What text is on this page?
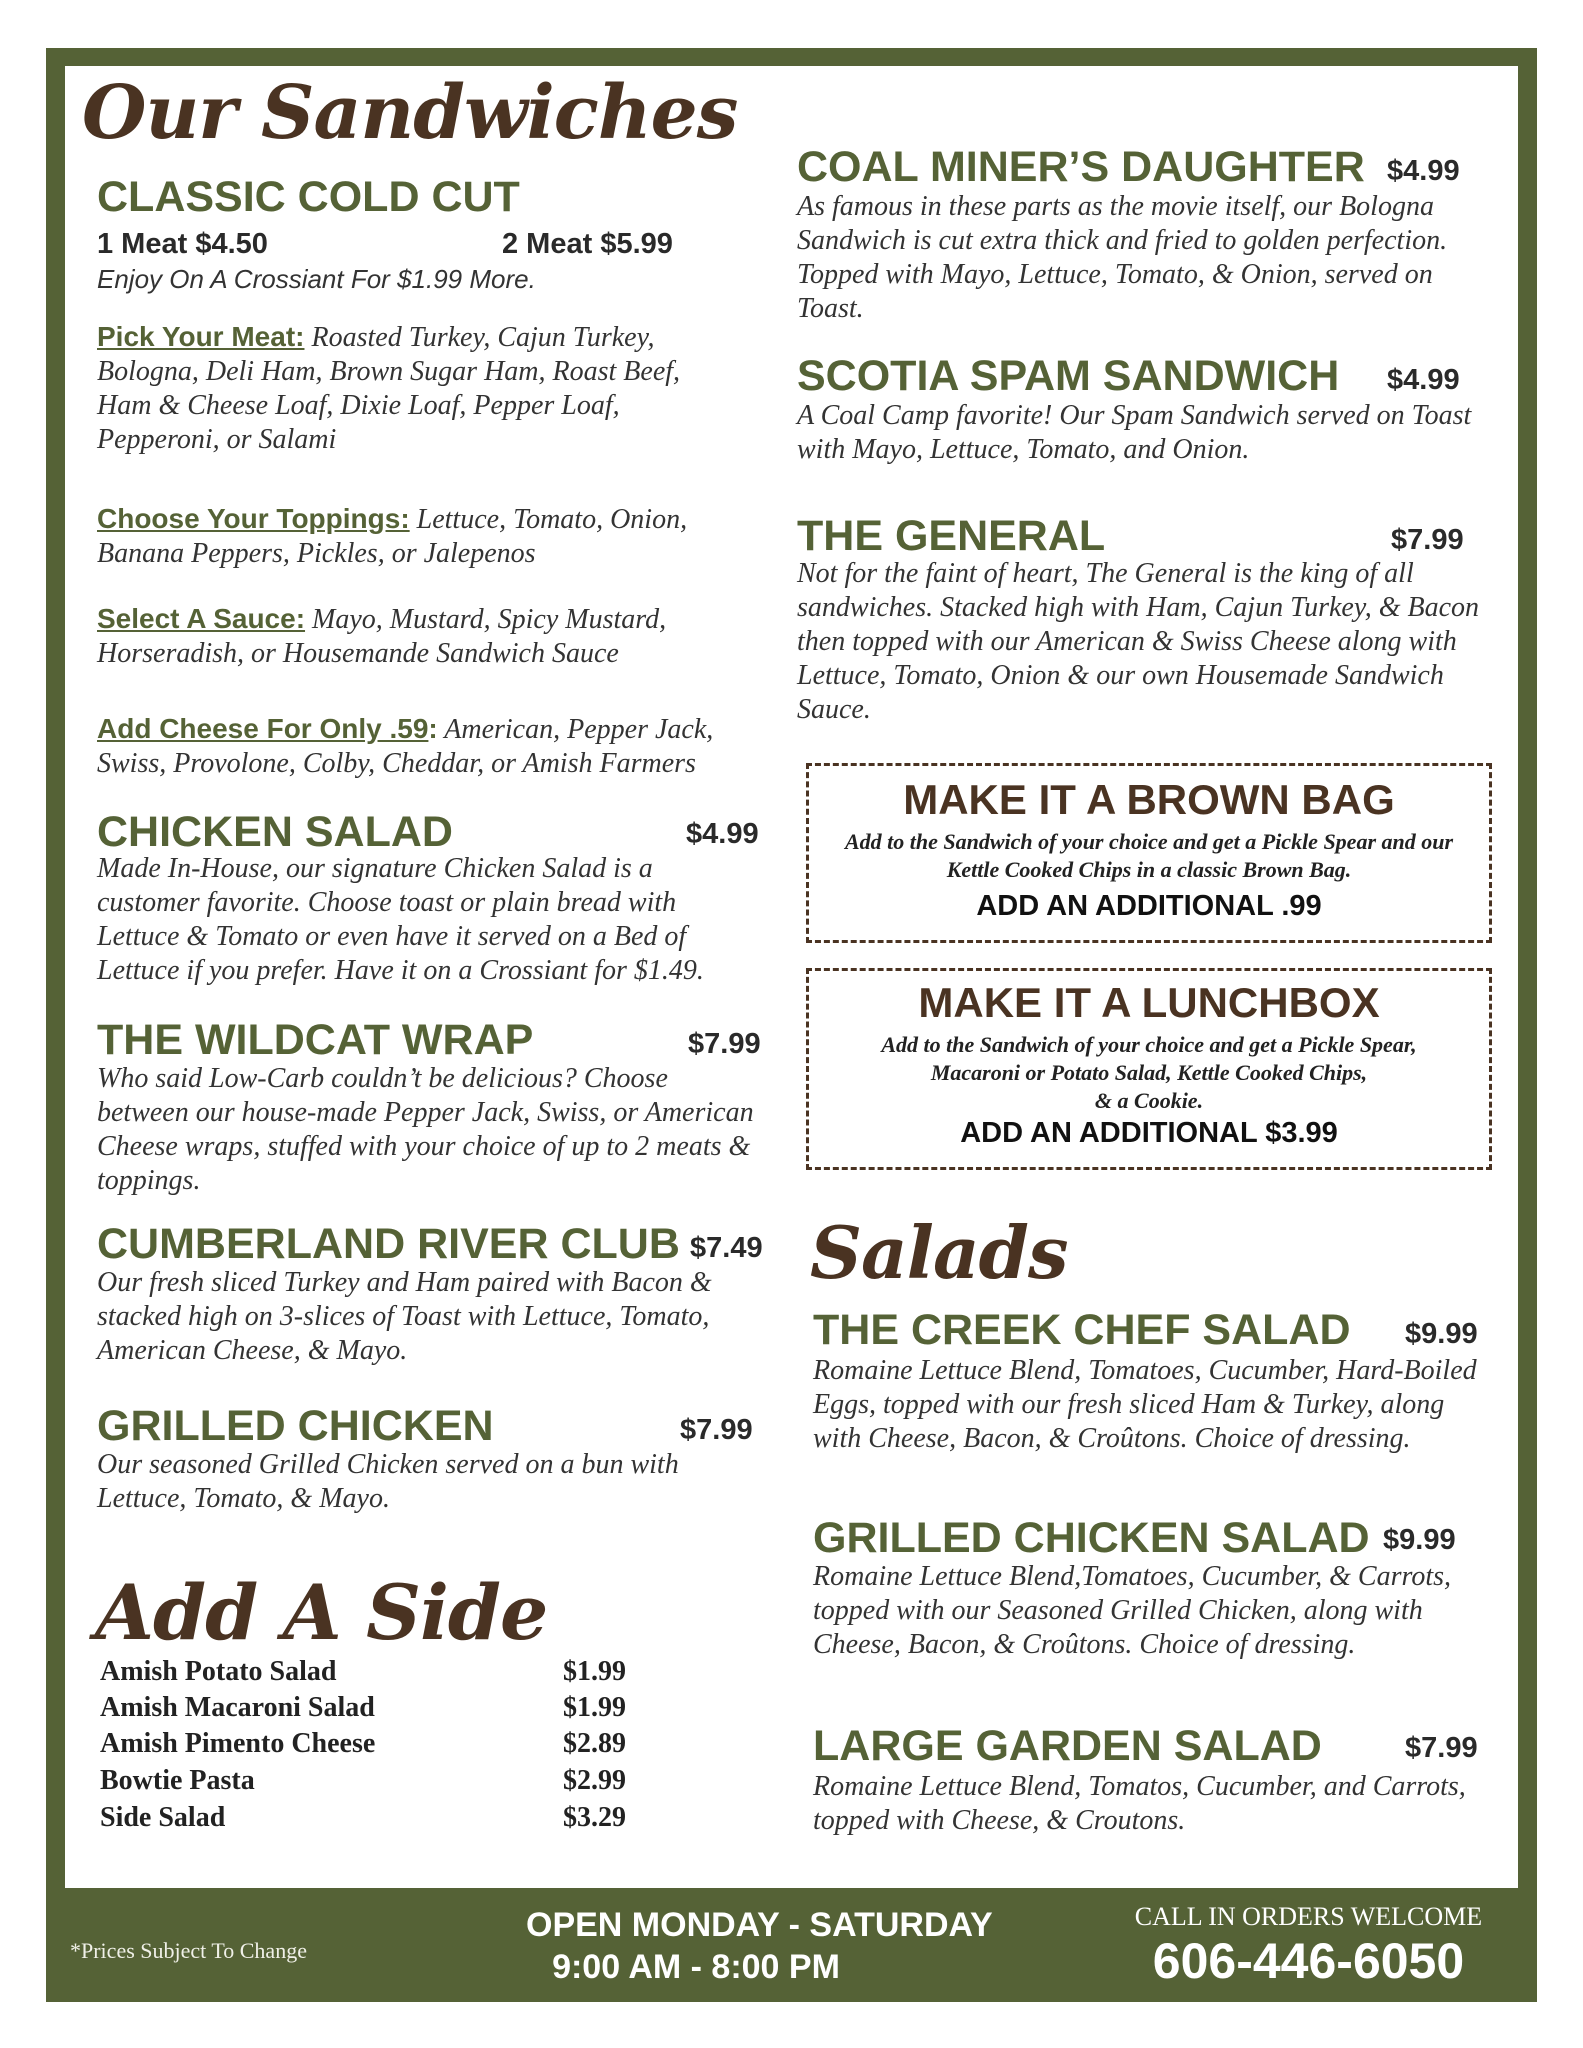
Our Sandwiches
CLASSIC COLD CUT
1 Meat $4.50	2 Meat $5.99
Enjoy On A Crossiant For $1.99 More.
Pick Your Meat: Roasted Turkey, Cajun Turkey, Bologna, Deli Ham, Brown Sugar Ham, Roast Beef, Ham & Cheese Loaf, Dixie Loaf, Pepper Loaf, Pepperoni, or Salami
Choose Your Toppings: Lettuce, Tomato, Onion, Banana Peppers, Pickles, or Jalepenos
Select A Sauce: Mayo, Mustard, Spicy Mustard, Horseradish, or Housemande Sandwich Sauce
Add Cheese For Only .59: American, Pepper Jack, Swiss, Provolone, Colby, Cheddar, or Amish Farmers
CHICKEN SALAD	$4.99
Made In-House, our signature Chicken Salad is a customer favorite. Choose toast or plain bread with Lettuce & Tomato or even have it served on a Bed of Lettuce if you prefer. Have it on a Crossiant for $1.49.
THE WILDCAT WRAP	$7.99
Who said Low-Carb couldn’t be delicious? Choose between our house-made Pepper Jack, Swiss, or American Cheese wraps, stuffed with your choice of up to 2 meats & toppings.
CUMBERLAND RIVER CLUB $7.49
Our fresh sliced Turkey and Ham paired with Bacon & stacked high on 3-slices of Toast with Lettuce, Tomato, American Cheese, & Mayo.
GRILLED CHICKEN	$7.99
Our seasoned Grilled Chicken served on a bun with Lettuce, Tomato, & Mayo.
Add A Side
Amish Potato Salad	$1.99
Amish Macaroni Salad	$1.99
Amish Pimento Cheese	$2.89
Bowtie Pasta	$2.99
Side Salad	$3.29
COAL MINER’S DAUGHTER $4.99
As famous in these parts as the movie itself, our Bologna Sandwich is cut extra thick and fried to golden perfection. Topped with Mayo, Lettuce, Tomato, & Onion, served on Toast.
SCOTIA SPAM SANDWICH $4.99
A Coal Camp favorite! Our Spam Sandwich served on Toast with Mayo, Lettuce, Tomato, and Onion.
THE GENERAL	$7.99
Not for the faint of heart, The General is the king of all sandwiches. Stacked high with Ham, Cajun Turkey, & Bacon then topped with our American & Swiss Cheese along with Lettuce, Tomato, Onion & our own Housemade Sandwich Sauce.
MAKE IT A BROWN BAG
Add to the Sandwich of your choice and get a Pickle Spear and our Kettle Cooked Chips in a classic Brown Bag.
ADD AN ADDITIONAL .99
MAKE IT A LUNCHBOX
Add to the Sandwich of your choice and get a Pickle Spear,
Macaroni or Potato Salad, Kettle Cooked Chips,
& a Cookie.
ADD AN ADDITIONAL $3.99
Salads
THE CREEK CHEF SALAD $9.99
Romaine Lettuce Blend, Tomatoes, Cucumber, Hard-Boiled Eggs, topped with our fresh sliced Ham & Turkey, along with Cheese, Bacon, & Croûtons. Choice of dressing.
GRILLED CHICKEN SALAD $9.99
Romaine Lettuce Blend,Tomatoes, Cucumber, & Carrots, topped with our Seasoned Grilled Chicken, along with Cheese, Bacon, & Croûtons. Choice of dressing.
LARGE GARDEN SALAD	$7.99
Romaine Lettuce Blend, Tomatos, Cucumber, and Carrots, topped with Cheese, & Croutons.
*Prices Subject To Change
OPEN MONDAY - SATURDAY
9:00 AM - 8:00 PM
CALL IN ORDERS WELCOME
606-446-6050
